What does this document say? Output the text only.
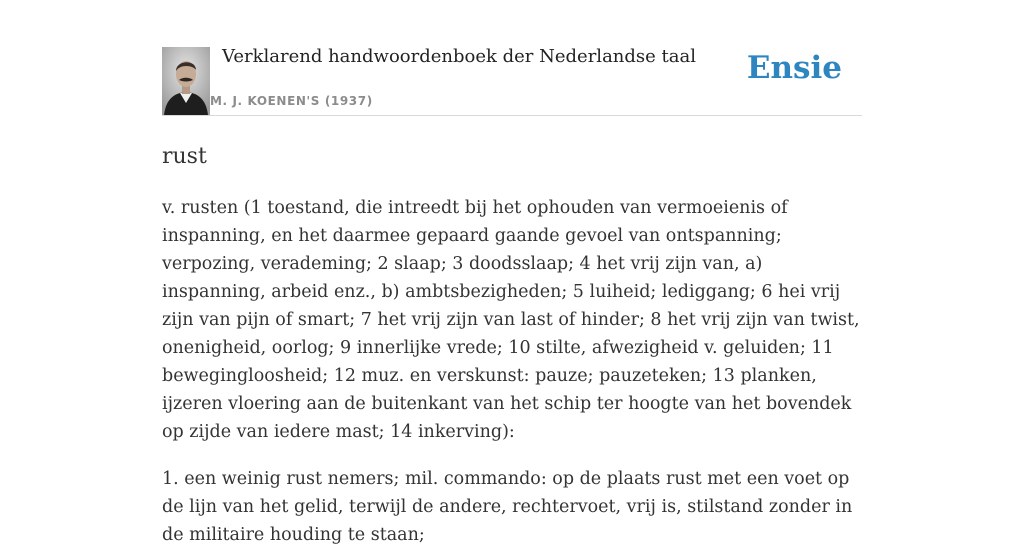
Verklarend handwoordenboek der Nederlandse taal
M. J. KOENEN'S (1937)
Ensie
rust

v. rusten (1 toestand, die intreedt bij het ophouden van vermoeienis of inspanning, en het daarmee gepaard gaande gevoel van ontspanning; verpozing, verademing; 2 slaap; 3 doodsslaap; 4 het vrij zijn van, a) inspanning, arbeid enz., b) ambtsbezigheden; 5 luiheid; lediggang; 6 hei vrij zijn van pijn of smart; 7 het vrij zijn van last of hinder; 8 het vrij zijn van twist, onenigheid, oorlog; 9 innerlijke vrede; 10 stilte, afwezigheid v. geluiden; 11 bewegingloosheid; 12 muz. en verskunst: pauze; pauzeteken; 13 planken, ijzeren vloering aan de buitenkant van het schip ter hoogte van het bovendek op zijde van iedere mast; 14 inkerving):

1. een weinig rust nemers; mil. commando: op de plaats rust met een voet op de lijn van het gelid, terwijl de andere, rechtervoet, vrij is, stilstand zonder in de militaire houding te staan;
